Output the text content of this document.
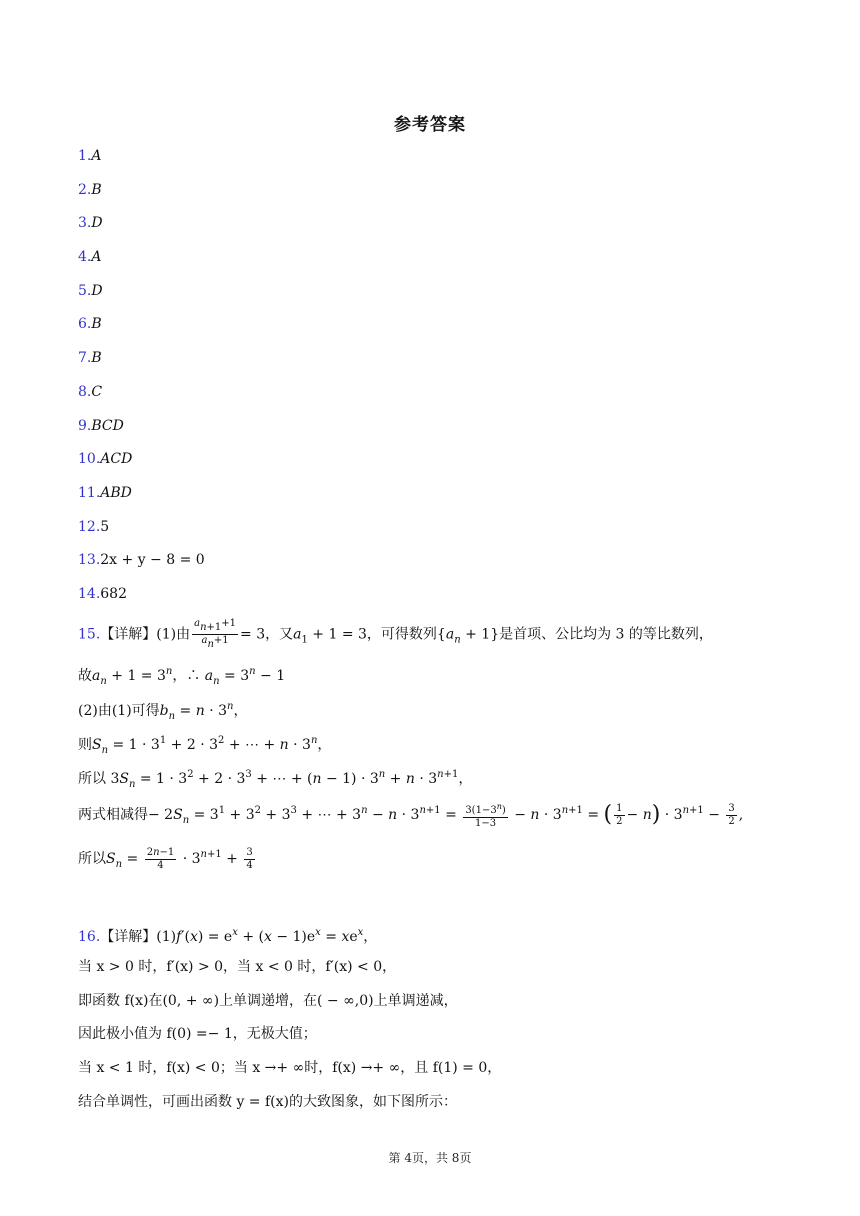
参考答案
1.A
2.B
3.D
4.A
5.D
6.B
7.B
8.C
9.BCD
10.ACD
11.ABD
12.5
13.2x + y − 8 = 0
14.682
15.【详解】(1)由 $\frac{an+1+1}{an+1} = 3$，又$a_1 + 1 = 3$，可得数列$\{a_n + 1\}$是首项、公比均为 3 的等比数列，
故$a_n + 1 = 3^n$，∴ $a_n = 3^n - 1$
(2)由(1)可得$b_n = n \cdot 3^n$，
则$S_n = 1 \cdot 3^1 + 2 \cdot 3^2$ + ⋯ + $n \cdot 3^n$，
所以 $3S_n = 1 \cdot 3^2 + 2 \cdot 3^3$ + ⋯ + $(n - 1) \cdot 3^n + n \cdot 3^{n+1}$，
两式相减得− $2S_n = 3^1 + 3^2 + 3^3$ + ⋯ + $3^n - n \cdot 3^{n+1} = \frac{3(1-3^n)}{1-3} - n \cdot 3^{n+1}$ = ( $\frac{1}{2} - n) \cdot 3^{n+1} - \frac{3}{2}$ ,
所以$S_n = \frac{2n-1}{4} \cdot 3^{n+1} + \frac{3}{4}$
16.【详解】$(1)f'(x) = e^x + (x - 1)e^x = xe^x$，
当 x > 0 时，f′(x) > 0，当 x < 0 时，f′(x) < 0，
即函数 f(x)在(0, + ∞)上单调递增，在( − ∞,0)上单调递减，
因此极小值为 f(0) =− 1，无极大值；
当 x < 1 时，f(x) < 0；当 x →+ ∞时，f(x) →+ ∞，且 f(1) = 0，
结合单调性，可画出函数 y = f(x)的大致图象，如下图所示：
第 4页，共 8页
